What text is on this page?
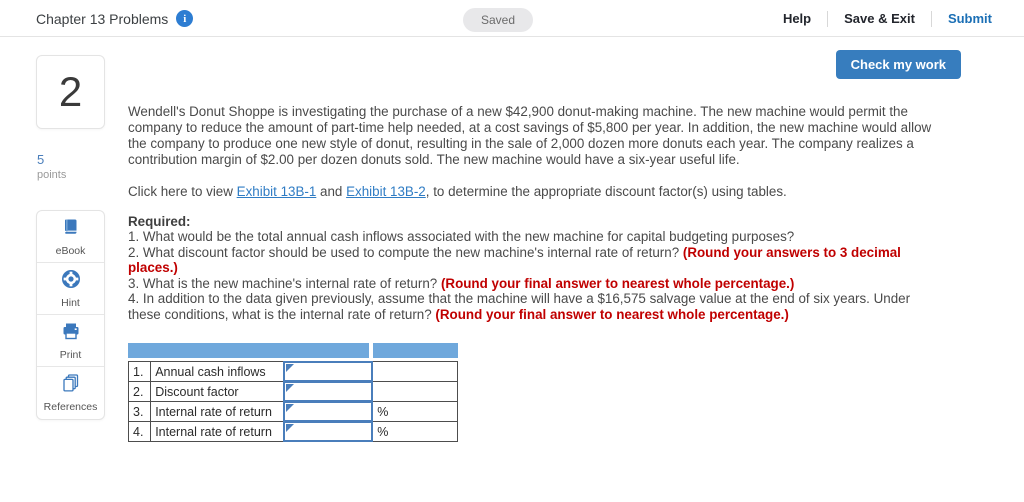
Chapter 13 Problems	i	Saved	Help	Save & Exit	Submit
2
5
points
eBook
Hint
Print
References
Check my work

Wendell's Donut Shoppe is investigating the purchase of a new $42,900 donut-making machine. The new machine would permit the company to reduce the amount of part-time help needed, at a cost savings of $5,800 per year. In addition, the new machine would allow the company to produce one new style of donut, resulting in the sale of 2,000 dozen more donuts each year. The company realizes a contribution margin of $2.00 per dozen donuts sold. The new machine would have a six-year useful life.

Click here to view Exhibit 13B-1 and Exhibit 13B-2, to determine the appropriate discount factor(s) using tables.

Required:
1. What would be the total annual cash inflows associated with the new machine for capital budgeting purposes?
2. What discount factor should be used to compute the new machine's internal rate of return? (Round your answers to 3 decimal places.)
3. What is the new machine's internal rate of return? (Round your final answer to nearest whole percentage.)
4. In addition to the data given previously, assume that the machine will have a $16,575 salvage value at the end of six years. Under these conditions, what is the internal rate of return? (Round your final answer to nearest whole percentage.)
1.	Annual cash inflows	

2.	Discount factor	

3.	Internal rate of return		%
4.	Internal rate of return		%
